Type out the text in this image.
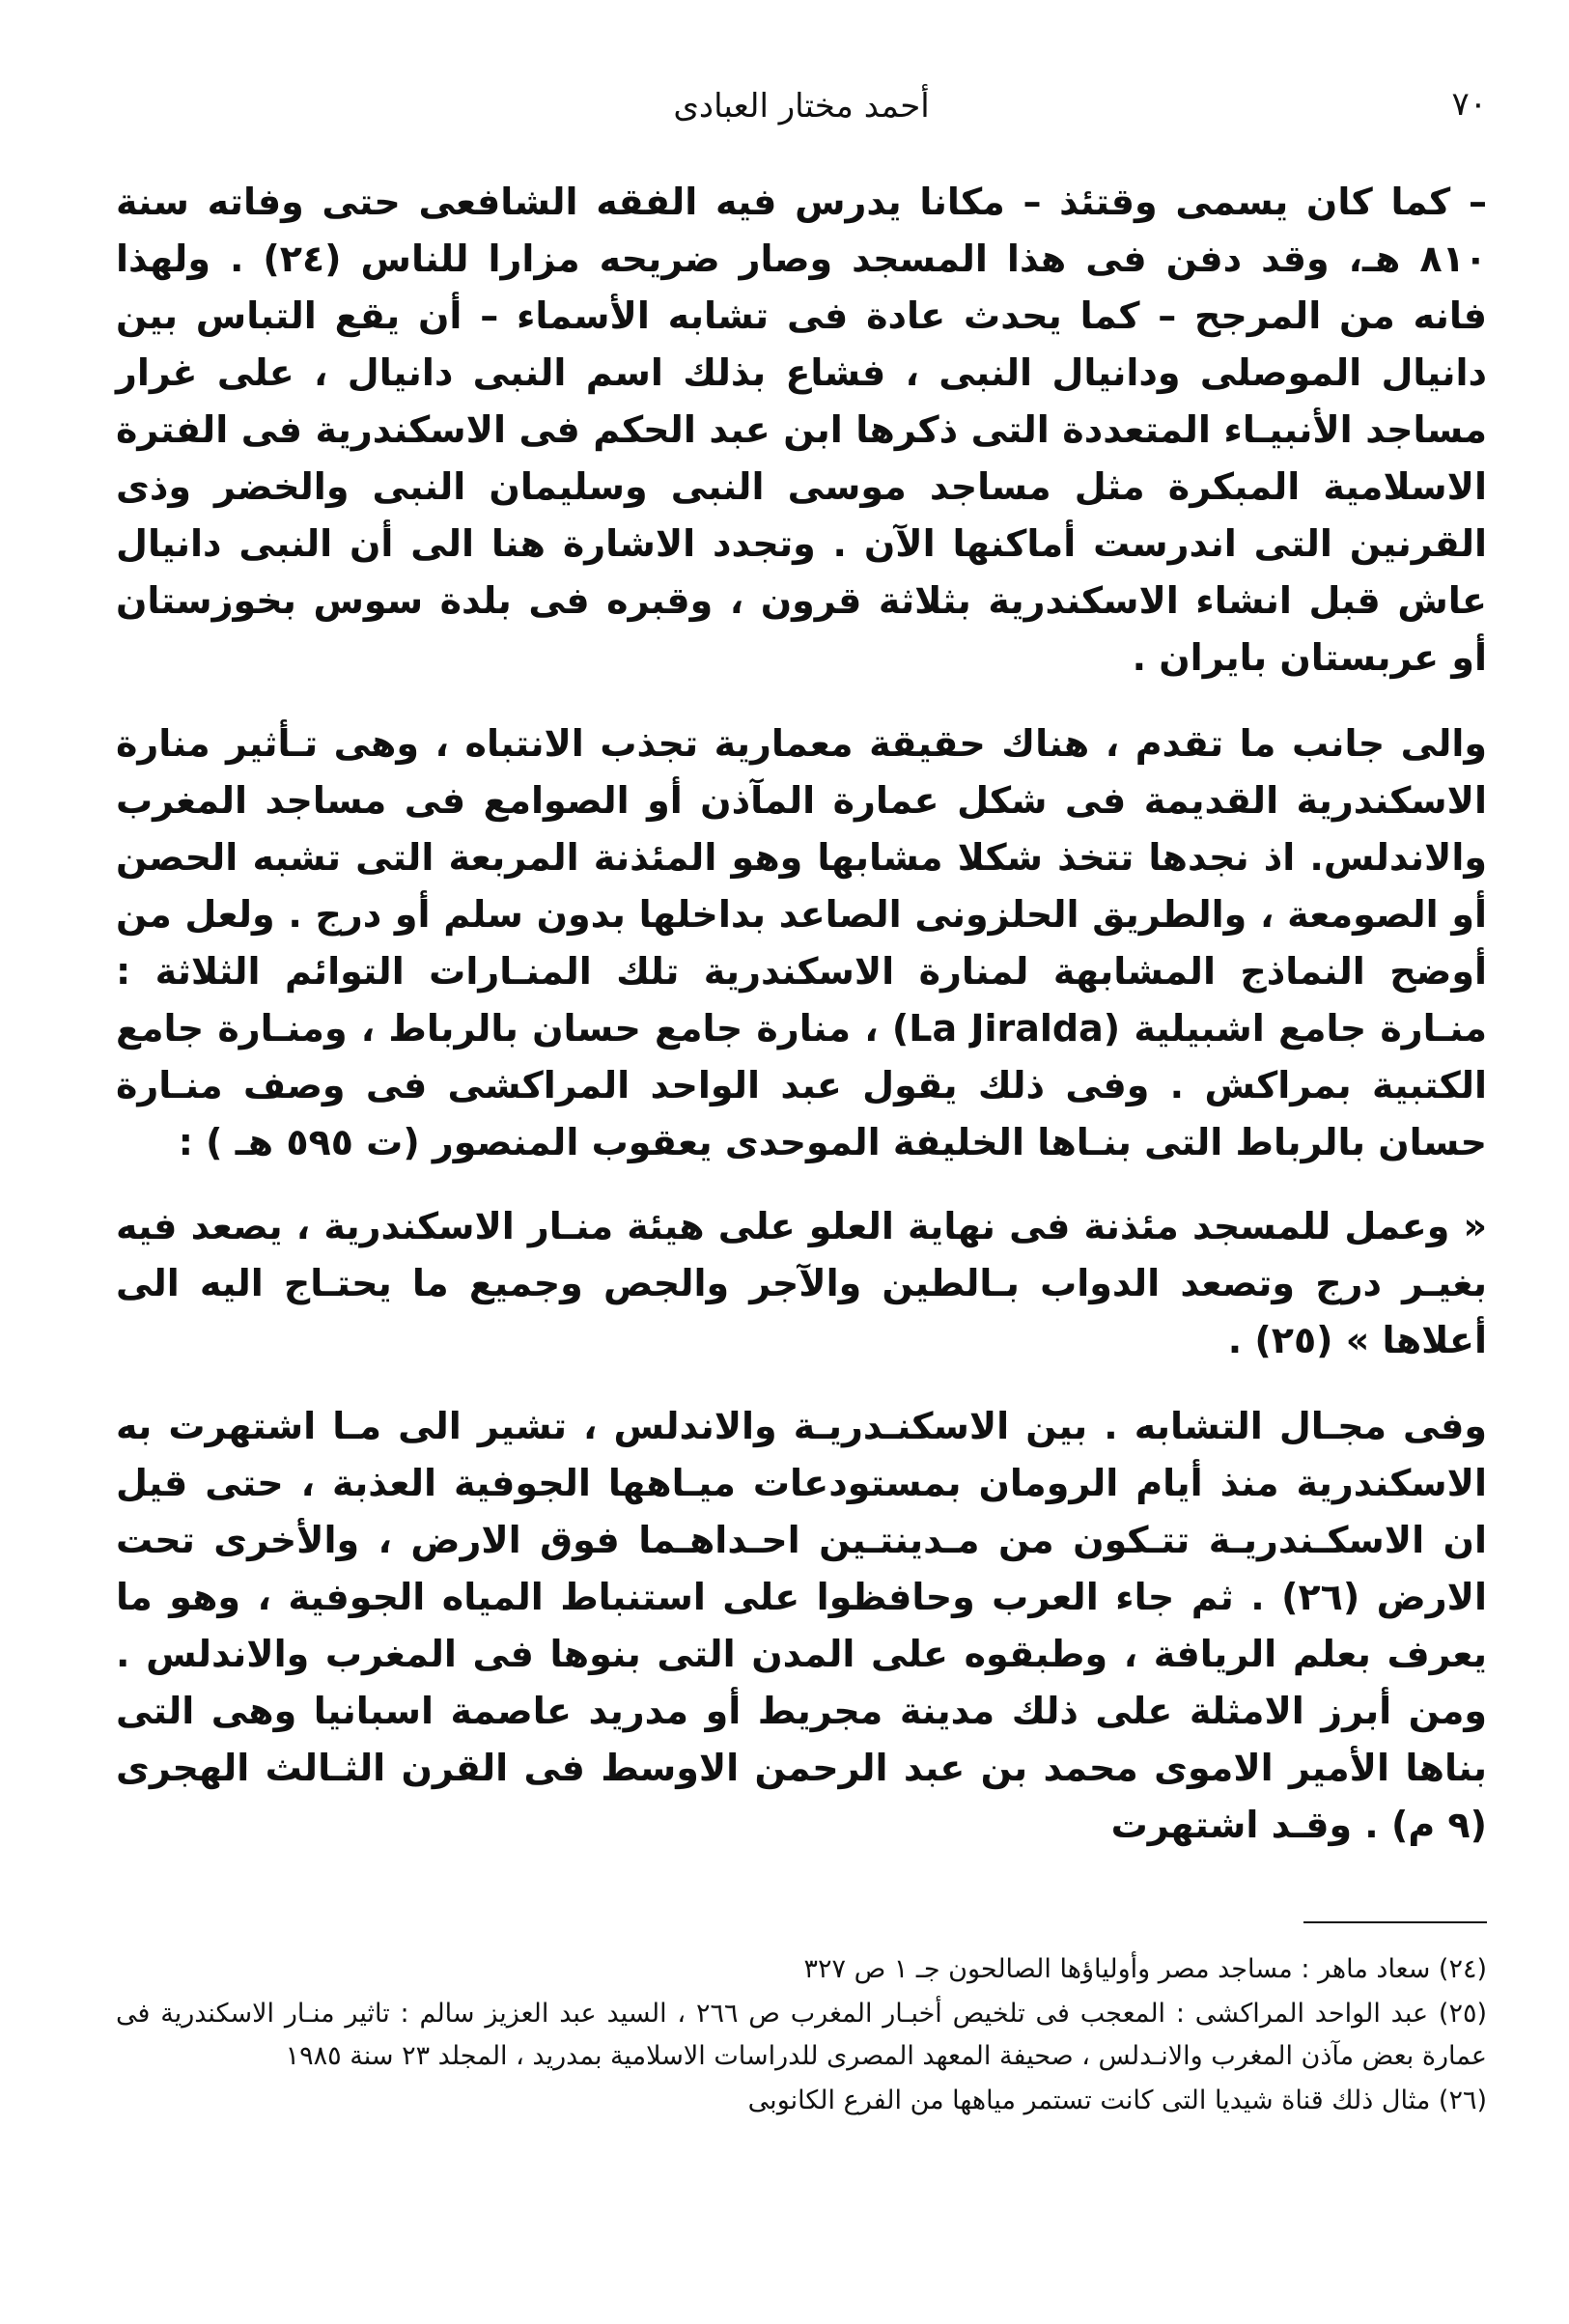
٧٠
أحمد مختار العبادى

– كما كان يسمى وقتئذ – مكانا يدرس فيه الفقه الشافعى حتى وفاته سنة ٨١٠ هـ، وقد دفن فى هذا المسجد وصار ضريحه مزارا للناس (٢٤) . ولهذا فانه من المرجح – كما يحدث عادة فى تشابه الأسماء – أن يقع التباس بين دانيال الموصلى ودانيال النبى ، فشاع بذلك اسم النبى دانيال ، على غرار مساجد الأنبيـاء المتعددة التى ذكرها ابن عبد الحكم فى الاسكندرية فى الفترة الاسلامية المبكرة مثل مساجد موسى النبى وسليمان النبى والخضر وذى القرنين التى اندرست أماكنها الآن . وتجدد الاشارة هنا الى أن النبى دانيال عاش قبل انشاء الاسكندرية بثلاثة قرون ، وقبره فى بلدة سوس بخوزستان أو عربستان بايران .

والى جانب ما تقدم ، هناك حقيقة معمارية تجذب الانتباه ، وهى تـأثير منارة الاسكندرية القديمة فى شكل عمارة المآذن أو الصوامع فى مساجد المغرب والاندلس. اذ نجدها تتخذ شكلا مشابها وهو المئذنة المربعة التى تشبه الحصن أو الصومعة ، والطريق الحلزونى الصاعد بداخلها بدون سلم أو درج . ولعل من أوضح النماذج المشابهة لمنارة الاسكندرية تلك المنـارات التوائم الثلاثة : منـارة جامع اشبيلية (La Jiralda) ، منارة جامع حسان بالرباط ، ومنـارة جامع الكتبية بمراكش . وفى ذلك يقول عبد الواحد المراكشى فى وصف منـارة حسان بالرباط التى بنـاها الخليفة الموحدى يعقوب المنصور (ت ٥٩٥ هـ ) :

« وعمل للمسجد مئذنة فى نهاية العلو على هيئة منـار الاسكندرية ، يصعد فيه بغيـر درج وتصعد الدواب بـالطين والآجر والجص وجميع ما يحتـاج اليه الى أعلاها » (٢٥) .

وفى مجـال التشابه . بين الاسكنـدريـة والاندلس ، تشير الى مـا اشتهرت به الاسكندرية منذ أيام الرومان بمستودعات ميـاهها الجوفية العذبة ، حتى قيل ان الاسكـندريـة تتـكون من مـدينتـين احـداهـما فوق الارض ، والأخرى تحت الارض (٢٦) . ثم جاء العرب وحافظوا على استنباط المياه الجوفية ، وهو ما يعرف بعلم الريافة ، وطبقوه على المدن التى بنوها فى المغرب والاندلس . ومن أبرز الامثلة على ذلك مدينة مجريط أو مدريد عاصمة اسبانيا وهى التى بناها الأمير الاموى محمد بن عبد الرحمن الاوسط فى القرن الثـالث الهجرى (٩ م) . وقـد اشتهرت

(٢٤) سعاد ماهر : مساجد مصر وأولياؤها الصالحون جـ ١ ص ٣٢٧

(٢٥) عبد الواحد المراكشى : المعجب فى تلخيص أخبـار المغرب ص ٢٦٦ ، السيد عبد العزيز سالم : تاثير منـار الاسكندرية فى عمارة بعض مآذن المغرب والانـدلس ، صحيفة المعهد المصرى للدراسات الاسلامية بمدريد ، المجلد ٢٣ سنة ١٩٨٥

(٢٦) مثال ذلك قناة شيديا التى كانت تستمر مياهها من الفرع الكانوبى
